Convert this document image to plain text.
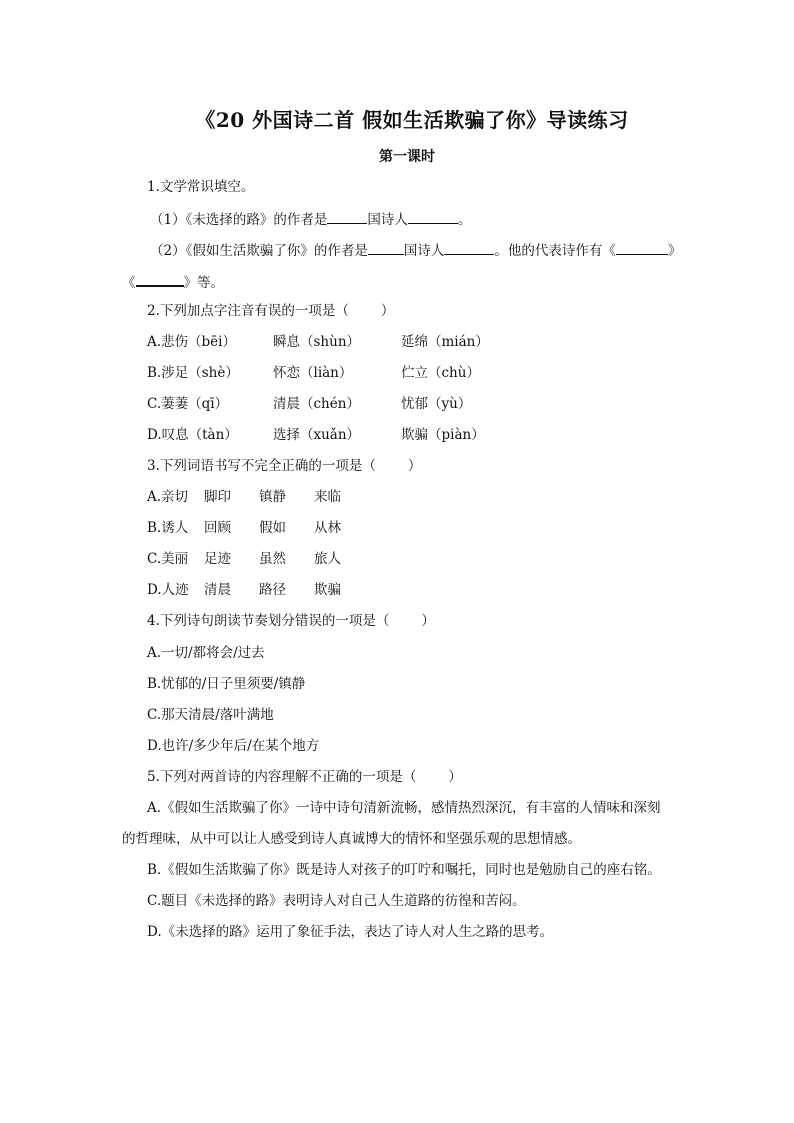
《20 外国诗二首 假如生活欺骗了你》导读练习
第一课时
1.文学常识填空。
（1）《未选择的路》的作者是	国诗人	。
（2）《假如生活欺骗了你》的作者是	国诗人	。他的代表诗作有《	》
《	》等。
2.下列加点字注音有误的一项是（ ）
A.悲伤（bēi）	瞬息（shùn）	延绵（mián）
B.涉足（shè）	怀恋（liàn）	伫立（chù）
C.萋萋（qī）	清晨（chén）	忧郁（yù）
D.叹息（tàn）	选择（xuǎn）	欺骗（piàn）
3.下列词语书写不完全正确的一项是（ ）
A.亲切 脚印 镇静 来临
B.诱人 回顾 假如 从林
C.美丽 足迹 虽然 旅人
D.人迹 清晨 路径 欺骗
4.下列诗句朗读节奏划分错误的一项是（ ）
A.一切/都将会/过去
B.忧郁的/日子里须要/镇静
C.那天清晨/落叶满地
D.也许/多少年后/在某个地方
5.下列对两首诗的内容理解不正确的一项是（ ）
A.《假如生活欺骗了你》一诗中诗句清新流畅，感情热烈深沉，有丰富的人情味和深刻
的哲理味，从中可以让人感受到诗人真诚博大的情怀和坚强乐观的思想情感。
B.《假如生活欺骗了你》既是诗人对孩子的叮咛和嘱托，同时也是勉励自己的座右铭。
C.题目《未选择的路》表明诗人对自己人生道路的彷徨和苦闷。
D.《未选择的路》运用了象征手法，表达了诗人对人生之路的思考。
